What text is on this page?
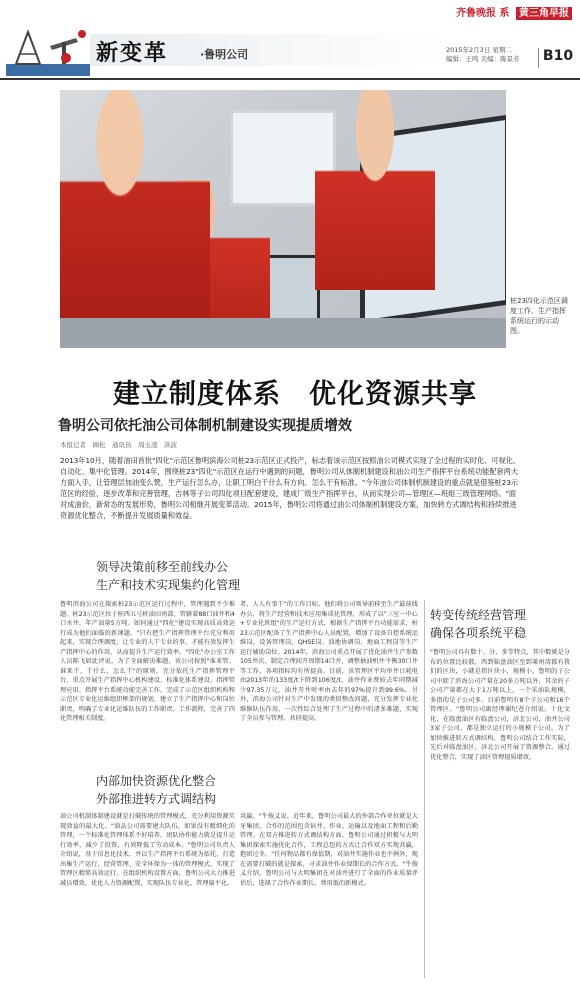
齐鲁晚报 系 黄三角早报
新变革	·鲁明公司	2015年2月3日 星期二
编辑：王鸣 美编：陈景芳	B10
桩23四化示范区调度工作，生产指挥系统运行的示动图。
建立制度体系　优化资源共享
鲁明公司依托油公司体制机制建设实现提质增效
本报记者　顾松　通讯员　周玉凌　洪波
2013年10月，随着油田首批"四化"示范区鲁明滨海公司桩23示范区正式投产，标志着该示范区按照油公司模式实现了全过程的实时化、可视化、自动化、集中化管理。2014年，围绕桩23"四化"示范区在运行中遇到的问题，鲁明公司从体制机制建设和油公司生产指挥平台系统功能配套两大方面入手，让管理层加油变么赞，生产运行怎么办，让职工明白干什么有方向。怎么干有标准。"今年油公司体制机制建设的重点就是借鉴桩23示范区的经验，逐步改革和完善管理，吉林等子公司四化项目配套建设，建成厂级生产指挥平台，从而实现公司—管理区—班组三级管理网络。"面对成油价，新常态的发展形势，鲁明公司相继开展变革活动。2015年，鲁明公司将通过油公司体制机制建设方案，加快转方式调结构和持续推进资源优化整合，不断提升发展质量和效益。
领导决策前移至前线办公
生产和技术实现集约化管理
内部加快资源优化整合
外部推进转方式调结构
转变传统经营管理
确保各项系统平稳
鲁明滨海公司在探索桩23示范区运行过程中，管理遇到不少难题。桩23示范区位于桩西五号桩油田南部，管辖着88口油井和4口水井，年产油量5万吨。如何通过"四化"建设实现高质高效运行成为他们面临的新课题。"只有把生产指挥管理平台充分利用起来，实现合理调度，让专业的人干专业的事，才能有效发挥生产指挥中心的作用，从而提升生产运行效率。"四化"办公室工作人员陈飞如此评说。为了全面解决难题，该公司按照"谁来管、谁来干、干什么、怎么干"的原则，充分依托生产指挥管理平台，重点开展生产指挥中心机构建设、标准化体系建设、指挥管理应用、指挥平台系统功能完善工作，完成了示范区组织机构和示范区专业化运维组织框架的规划，建立了生产指挥中心和岗位职责，明确了专业化运维队伍的工作职责、工作流程，完善了四化管理相关制度。
油公司机制体制建设就是打破传统的管理模式，充分利用资源实现效益的最大化。"油品公司需要建大队伍，如果没有精细化的管理，一个标准化管理体系不好培养，团队协作能力就是提升运行效率，减少了投资，有效降低了劳动成本。"鲁明公司负责人介绍说，基于信息化技术，并以生产指挥平台系统为依托，打造出集生产运行、经营管理、安全环保为一体的管理模式，实现了管理区精简高效运行。在组织机构设置方面，鲁明公司大力推进减员增效，优化人力资源配置，实现队伍专业化、管理扁平化。
者，人人有事干"的工作目标。他们将公司领导前移至生产最前线办公，将生产经营和技术应用集成化管理，形成了以"三室一中心+专业化班组"的生产运行方式，根据生产指挥平台功能需求，桩23示范区配备了生产指挥中心人员配置，增加了设备自控系统运维岗，设备管理岗、QHSE岗、油地协调岗、地面工程岗等生产运行辅助岗位。2014年，滨海公司重点开展了优化油井生产参数105井次，制定合理间开周期14口井，调整抽油机井平衡30口井等工作，各项指标均有所提高。目前，该管理区平均单井日耗电由2013年的133度/t下降到106度/t，油井作业费较去年同期减少97.35万元，油井开井时率由去年的97%提升到99.6%。另外，滨海公司针对生产中发现的类似整改问题，充分发挥专业化维修队伍作用，一次性综合处理了生产过程中的诸多难题，实现了全员参与管理、共同提高。
共赢。"牛俊义说。近年来，鲁明公司最大的外部合作单位就是大牙集团，合作的范围包含钻井、作业、运输以及地面工程和后勤管理。在双方推进转方式调结构方面，鲁明公司通过积极与大明集团探索实施优化合作，工程总包的方式让合作双方实现共赢，抱团过冬。"任何物品都有保值期，对油井实施作业也不例外，现在需要打破的就是探索，寻求油井作业保期长的合作方式。"牛俊义介绍，鲁明公司与大明集团在对油井进行了全面的作业质量评估后，选择了合作作业期长、费用低的新模式。
"鲁明公司具有数十、分、多等特点，其中数就是分布的位置比较散，西到临盘油区至到莱州湾都有我们的区块，小就是指区块小，规模小，鲁明的子公司中除了滨海公司产量在20多万吨以外，其余的子公司产量都在大于1万吨以上，一个采油队规模，多指的是子公司多。目前鲁明有8个子公司和16个管理区。"鲁明公司副经理谢纪苍介绍说。十化文化，在临盘油区有临盘公司，济北公司，油井公司3家子公司，都是独立运行的小规模子公司。为了加快推进转方式调结构，鲁明公司结合工作实际，先后对临盘油区、济北公司开展了资源整合。通过优化整合，实现了油区管理提质增效。
